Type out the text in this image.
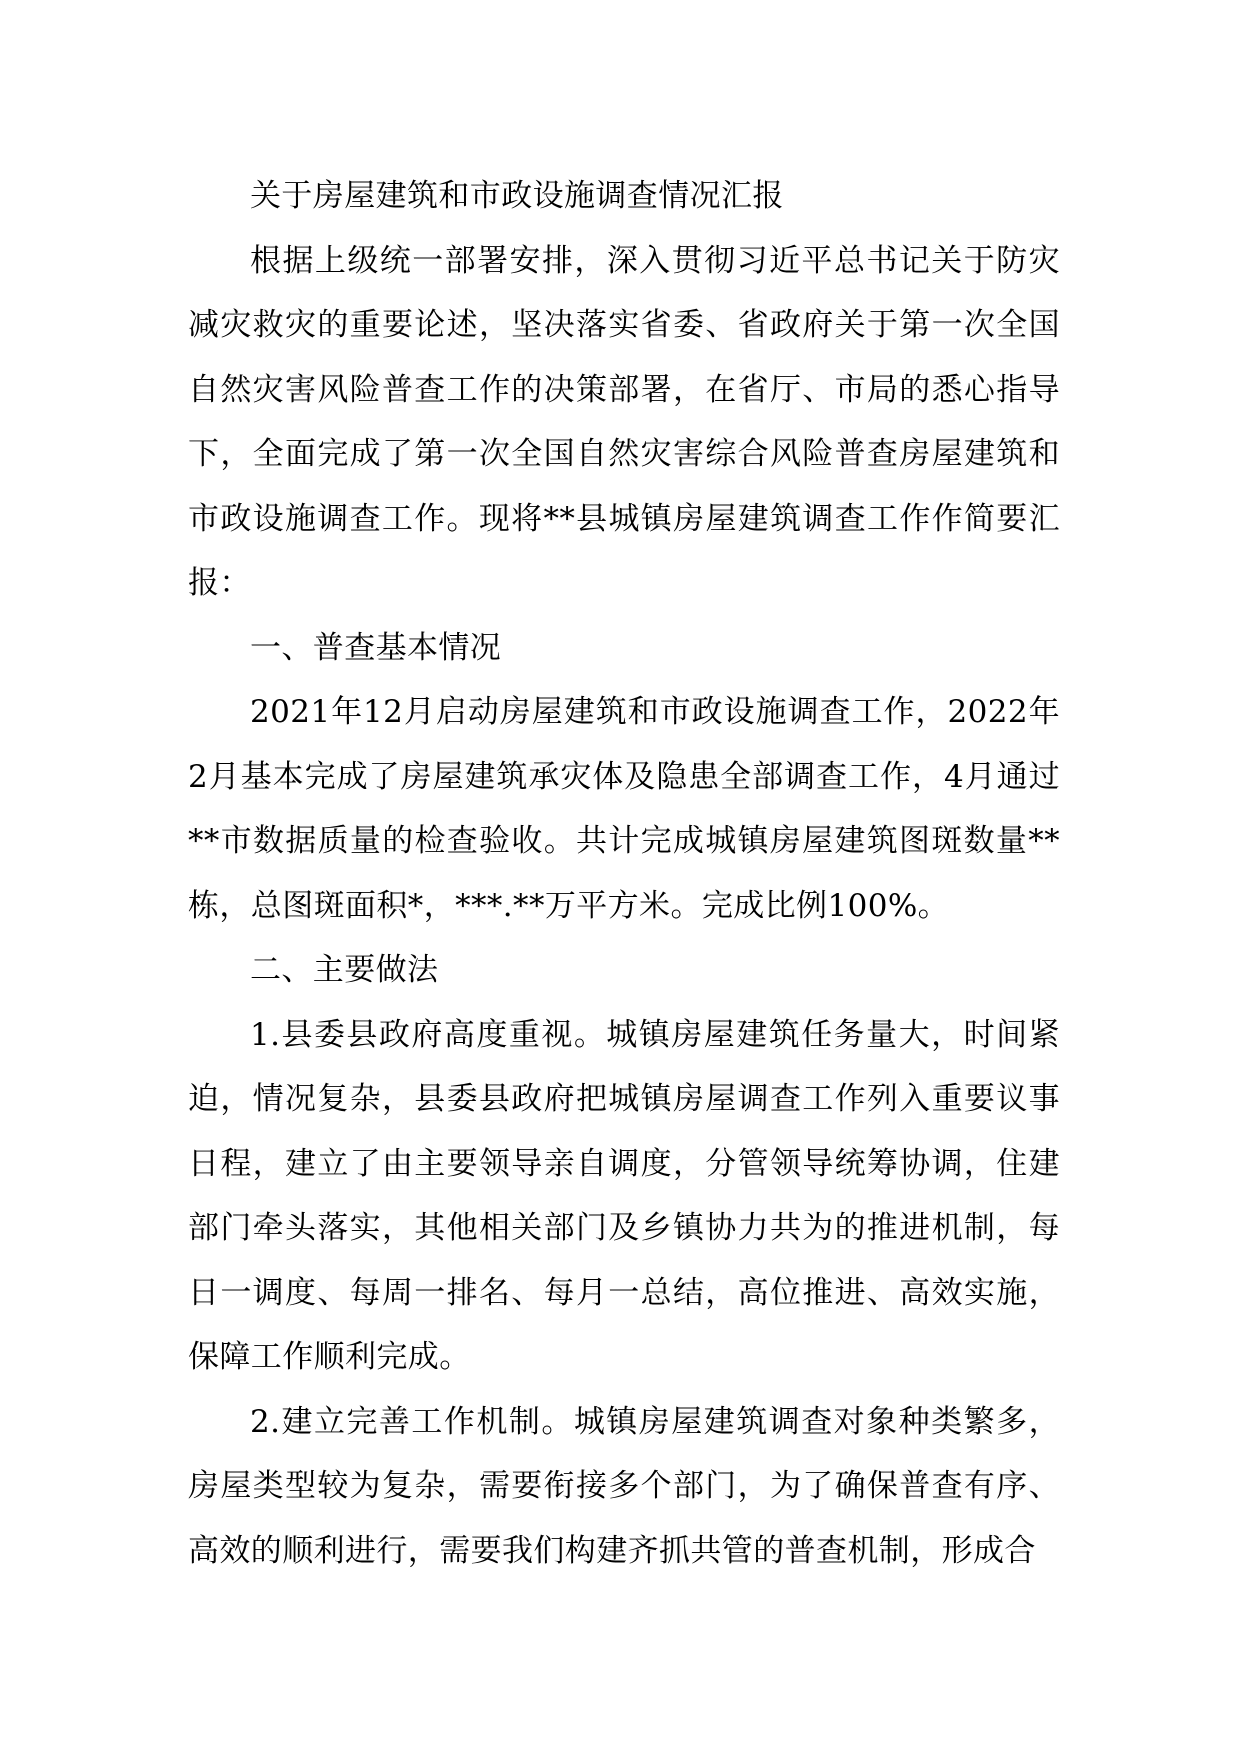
关于房屋建筑和市政设施调查情况汇报

根据上级统一部署安排，深入贯彻习近平总书记关于防灾减灾救灾的重要论述，坚决落实省委、省政府关于第一次全国自然灾害风险普查工作的决策部署，在省厅、市局的悉心指导下，全面完成了第一次全国自然灾害综合风险普查房屋建筑和市政设施调查工作。现将**县城镇房屋建筑调查工作作简要汇报：

一、普查基本情况

2021年12月启动房屋建筑和市政设施调查工作，2022年2月基本完成了房屋建筑承灾体及隐患全部调查工作，4月通过**市数据质量的检查验收。共计完成城镇房屋建筑图斑数量**栋，总图斑面积*，***.**万平方米。完成比例100%。

二、主要做法

1.县委县政府高度重视。城镇房屋建筑任务量大，时间紧迫，情况复杂，县委县政府把城镇房屋调查工作列入重要议事日程，建立了由主要领导亲自调度，分管领导统筹协调，住建部门牵头落实，其他相关部门及乡镇协力共为的推进机制，每日一调度、每周一排名、每月一总结，高位推进、高效实施，保障工作顺利完成。

2.建立完善工作机制。城镇房屋建筑调查对象种类繁多，房屋类型较为复杂，需要衔接多个部门，为了确保普查有序、高效的顺利进行，需要我们构建齐抓共管的普查机制，形成合
